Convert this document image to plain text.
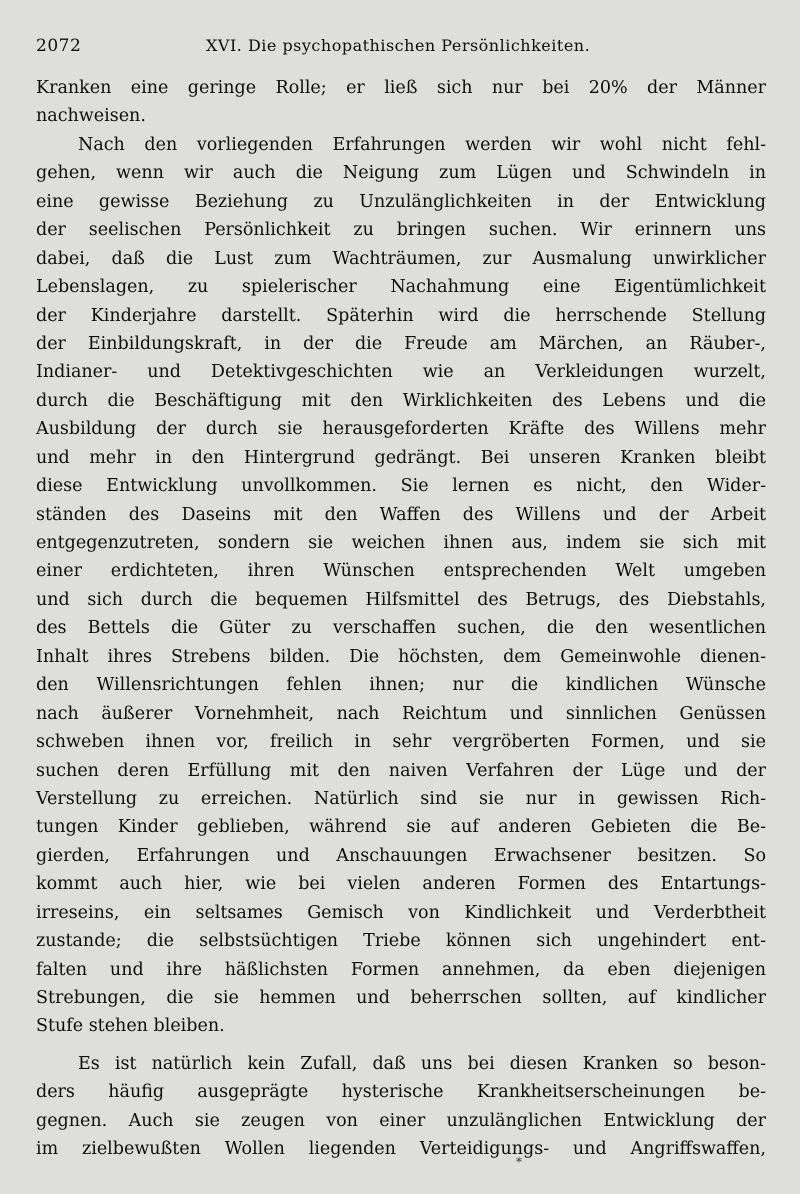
2072	XVI. Die psychopathischen Persönlichkeiten.
Kranken eine geringe Rolle; er ließ sich nur bei 20% der Männer
nachweisen.
Nach den vorliegenden Erfahrungen werden wir wohl nicht fehl-
gehen, wenn wir auch die Neigung zum Lügen und Schwindeln in
eine gewisse Beziehung zu Unzulänglichkeiten in der Entwicklung
der seelischen Persönlichkeit zu bringen suchen. Wir erinnern uns
dabei, daß die Lust zum Wachträumen, zur Ausmalung unwirklicher
Lebenslagen, zu spielerischer Nachahmung eine Eigentümlichkeit
der Kinderjahre darstellt. Späterhin wird die herrschende Stellung
der Einbildungskraft, in der die Freude am Märchen, an Räuber-,
Indianer- und Detektivgeschichten wie an Verkleidungen wurzelt,
durch die Beschäftigung mit den Wirklichkeiten des Lebens und die
Ausbildung der durch sie herausgeforderten Kräfte des Willens mehr
und mehr in den Hintergrund gedrängt. Bei unseren Kranken bleibt
diese Entwicklung unvollkommen. Sie lernen es nicht, den Wider-
ständen des Daseins mit den Waffen des Willens und der Arbeit
entgegenzutreten, sondern sie weichen ihnen aus, indem sie sich mit
einer erdichteten, ihren Wünschen entsprechenden Welt umgeben
und sich durch die bequemen Hilfsmittel des Betrugs, des Diebstahls,
des Bettels die Güter zu verschaffen suchen, die den wesentlichen
Inhalt ihres Strebens bilden. Die höchsten, dem Gemeinwohle dienen-
den Willensrichtungen fehlen ihnen; nur die kindlichen Wünsche
nach äußerer Vornehmheit, nach Reichtum und sinnlichen Genüssen
schweben ihnen vor, freilich in sehr vergröberten Formen, und sie
suchen deren Erfüllung mit den naiven Verfahren der Lüge und der
Verstellung zu erreichen. Natürlich sind sie nur in gewissen Rich-
tungen Kinder geblieben, während sie auf anderen Gebieten die Be-
gierden, Erfahrungen und Anschauungen Erwachsener besitzen. So
kommt auch hier, wie bei vielen anderen Formen des Entartungs-
irreseins, ein seltsames Gemisch von Kindlichkeit und Verderbtheit
zustande; die selbstsüchtigen Triebe können sich ungehindert ent-
falten und ihre häßlichsten Formen annehmen, da eben diejenigen
Strebungen, die sie hemmen und beherrschen sollten, auf kindlicher
Stufe stehen bleiben.
Es ist natürlich kein Zufall, daß uns bei diesen Kranken so beson-
ders häufig ausgeprägte hysterische Krankheitserscheinungen be-
gegnen. Auch sie zeugen von einer unzulänglichen Entwicklung der
im zielbewußten Wollen liegenden Verteidigungs- und Angriffswaffen,
*
